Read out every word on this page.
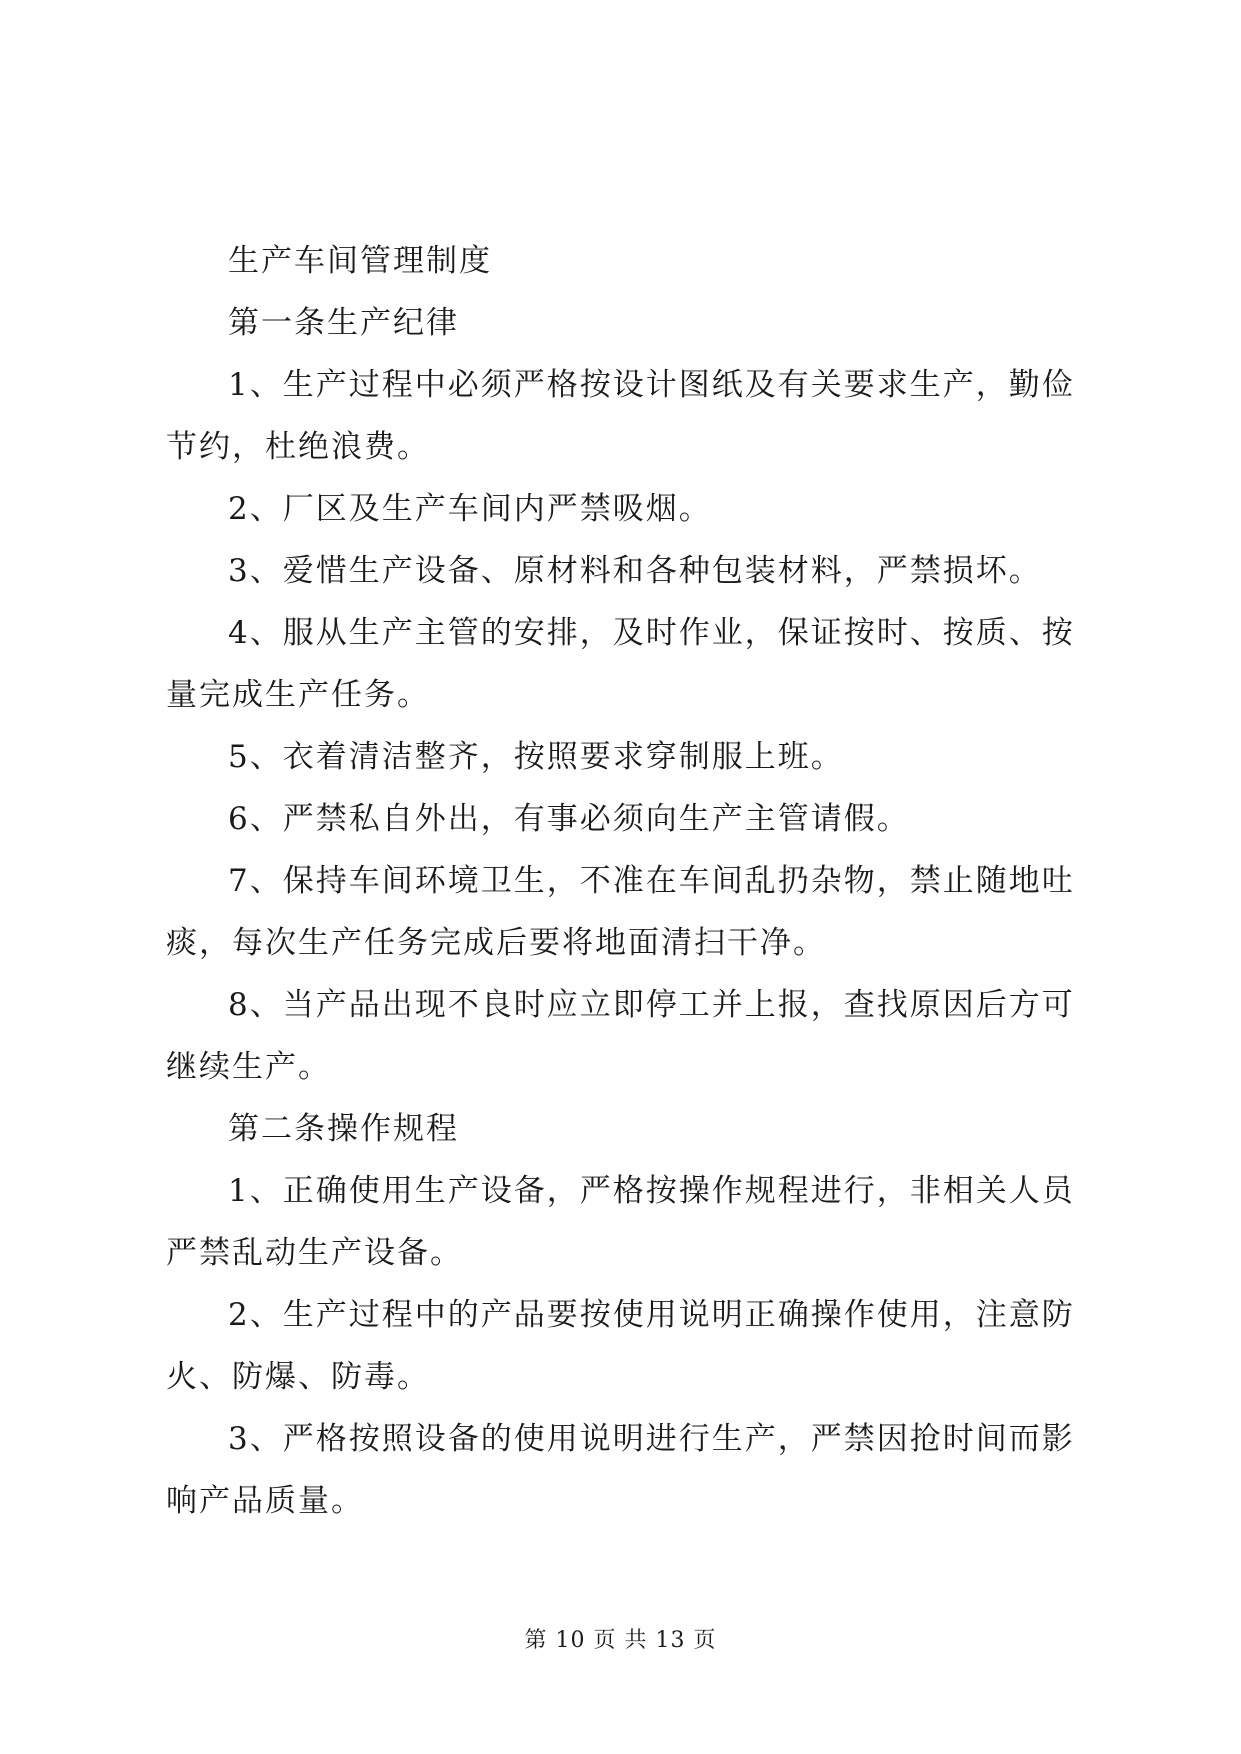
生产车间管理制度

第一条生产纪律

1、生产过程中必须严格按设计图纸及有关要求生产，勤俭节约，杜绝浪费。

2、厂区及生产车间内严禁吸烟。

3、爱惜生产设备、原材料和各种包装材料，严禁损坏。

4、服从生产主管的安排，及时作业，保证按时、按质、按量完成生产任务。

5、衣着清洁整齐，按照要求穿制服上班。

6、严禁私自外出，有事必须向生产主管请假。

7、保持车间环境卫生，不准在车间乱扔杂物，禁止随地吐痰，每次生产任务完成后要将地面清扫干净。

8、当产品出现不良时应立即停工并上报，查找原因后方可继续生产。

第二条操作规程

1、正确使用生产设备，严格按操作规程进行，非相关人员严禁乱动生产设备。

2、生产过程中的产品要按使用说明正确操作使用，注意防火、防爆、防毒。

3、严格按照设备的使用说明进行生产，严禁因抢时间而影响产品质量。

第 10 页 共 13 页
